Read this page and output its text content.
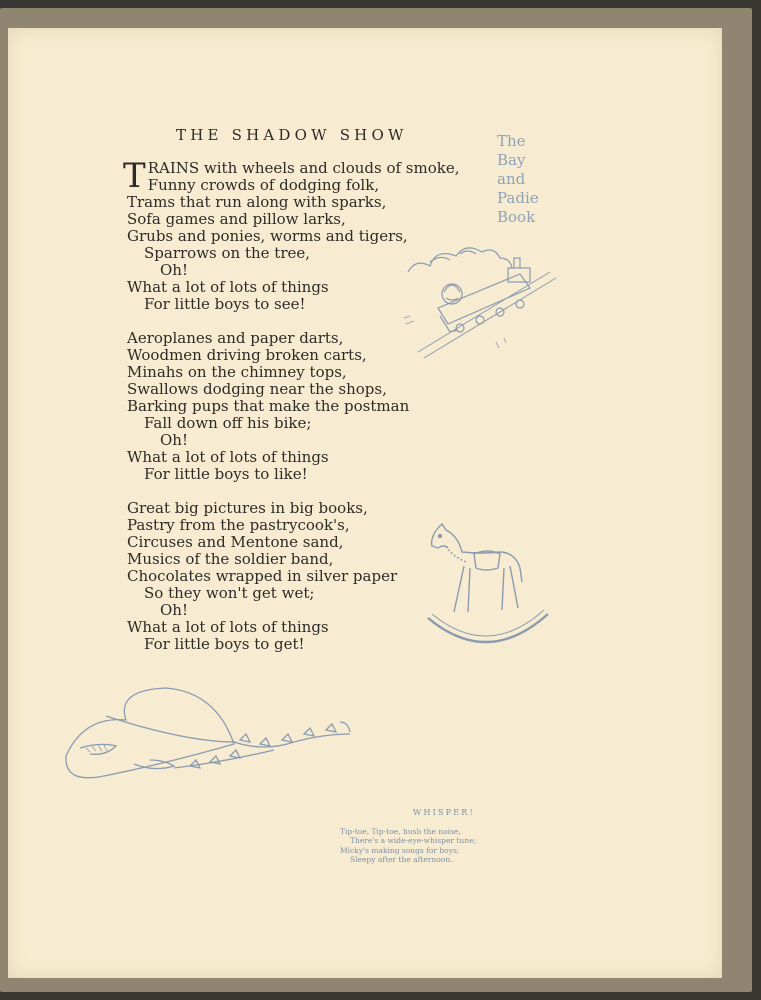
THE SHADOW SHOW	The
Bay
and
Padie
Book
TRAINS with wheels and clouds of smoke,
Funny crowds of dodging folk,
Trams that run along with sparks,
Sofa games and pillow larks,
Grubs and ponies, worms and tigers,
Sparrows on the tree,
Oh!
What a lot of lots of things
For little boys to see!
Aeroplanes and paper darts,
Woodmen driving broken carts,
Minahs on the chimney tops,
Swallows dodging near the shops,
Barking pups that make the postman
Fall down off his bike;
Oh!
What a lot of lots of things
For little boys to like!
Great big pictures in big books,
Pastry from the pastrycook's,
Circuses and Mentone sand,
Musics of the soldier band,
Chocolates wrapped in silver paper
So they won't get wet;
Oh!
What a lot of lots of things
For little boys to get!
WHISPER!
Tip-toe, Tip-toe, hush the noise,
There's a wide-eye-whisper tune;
Micky's making songs for boys;
Sleepy after the afternoon.
